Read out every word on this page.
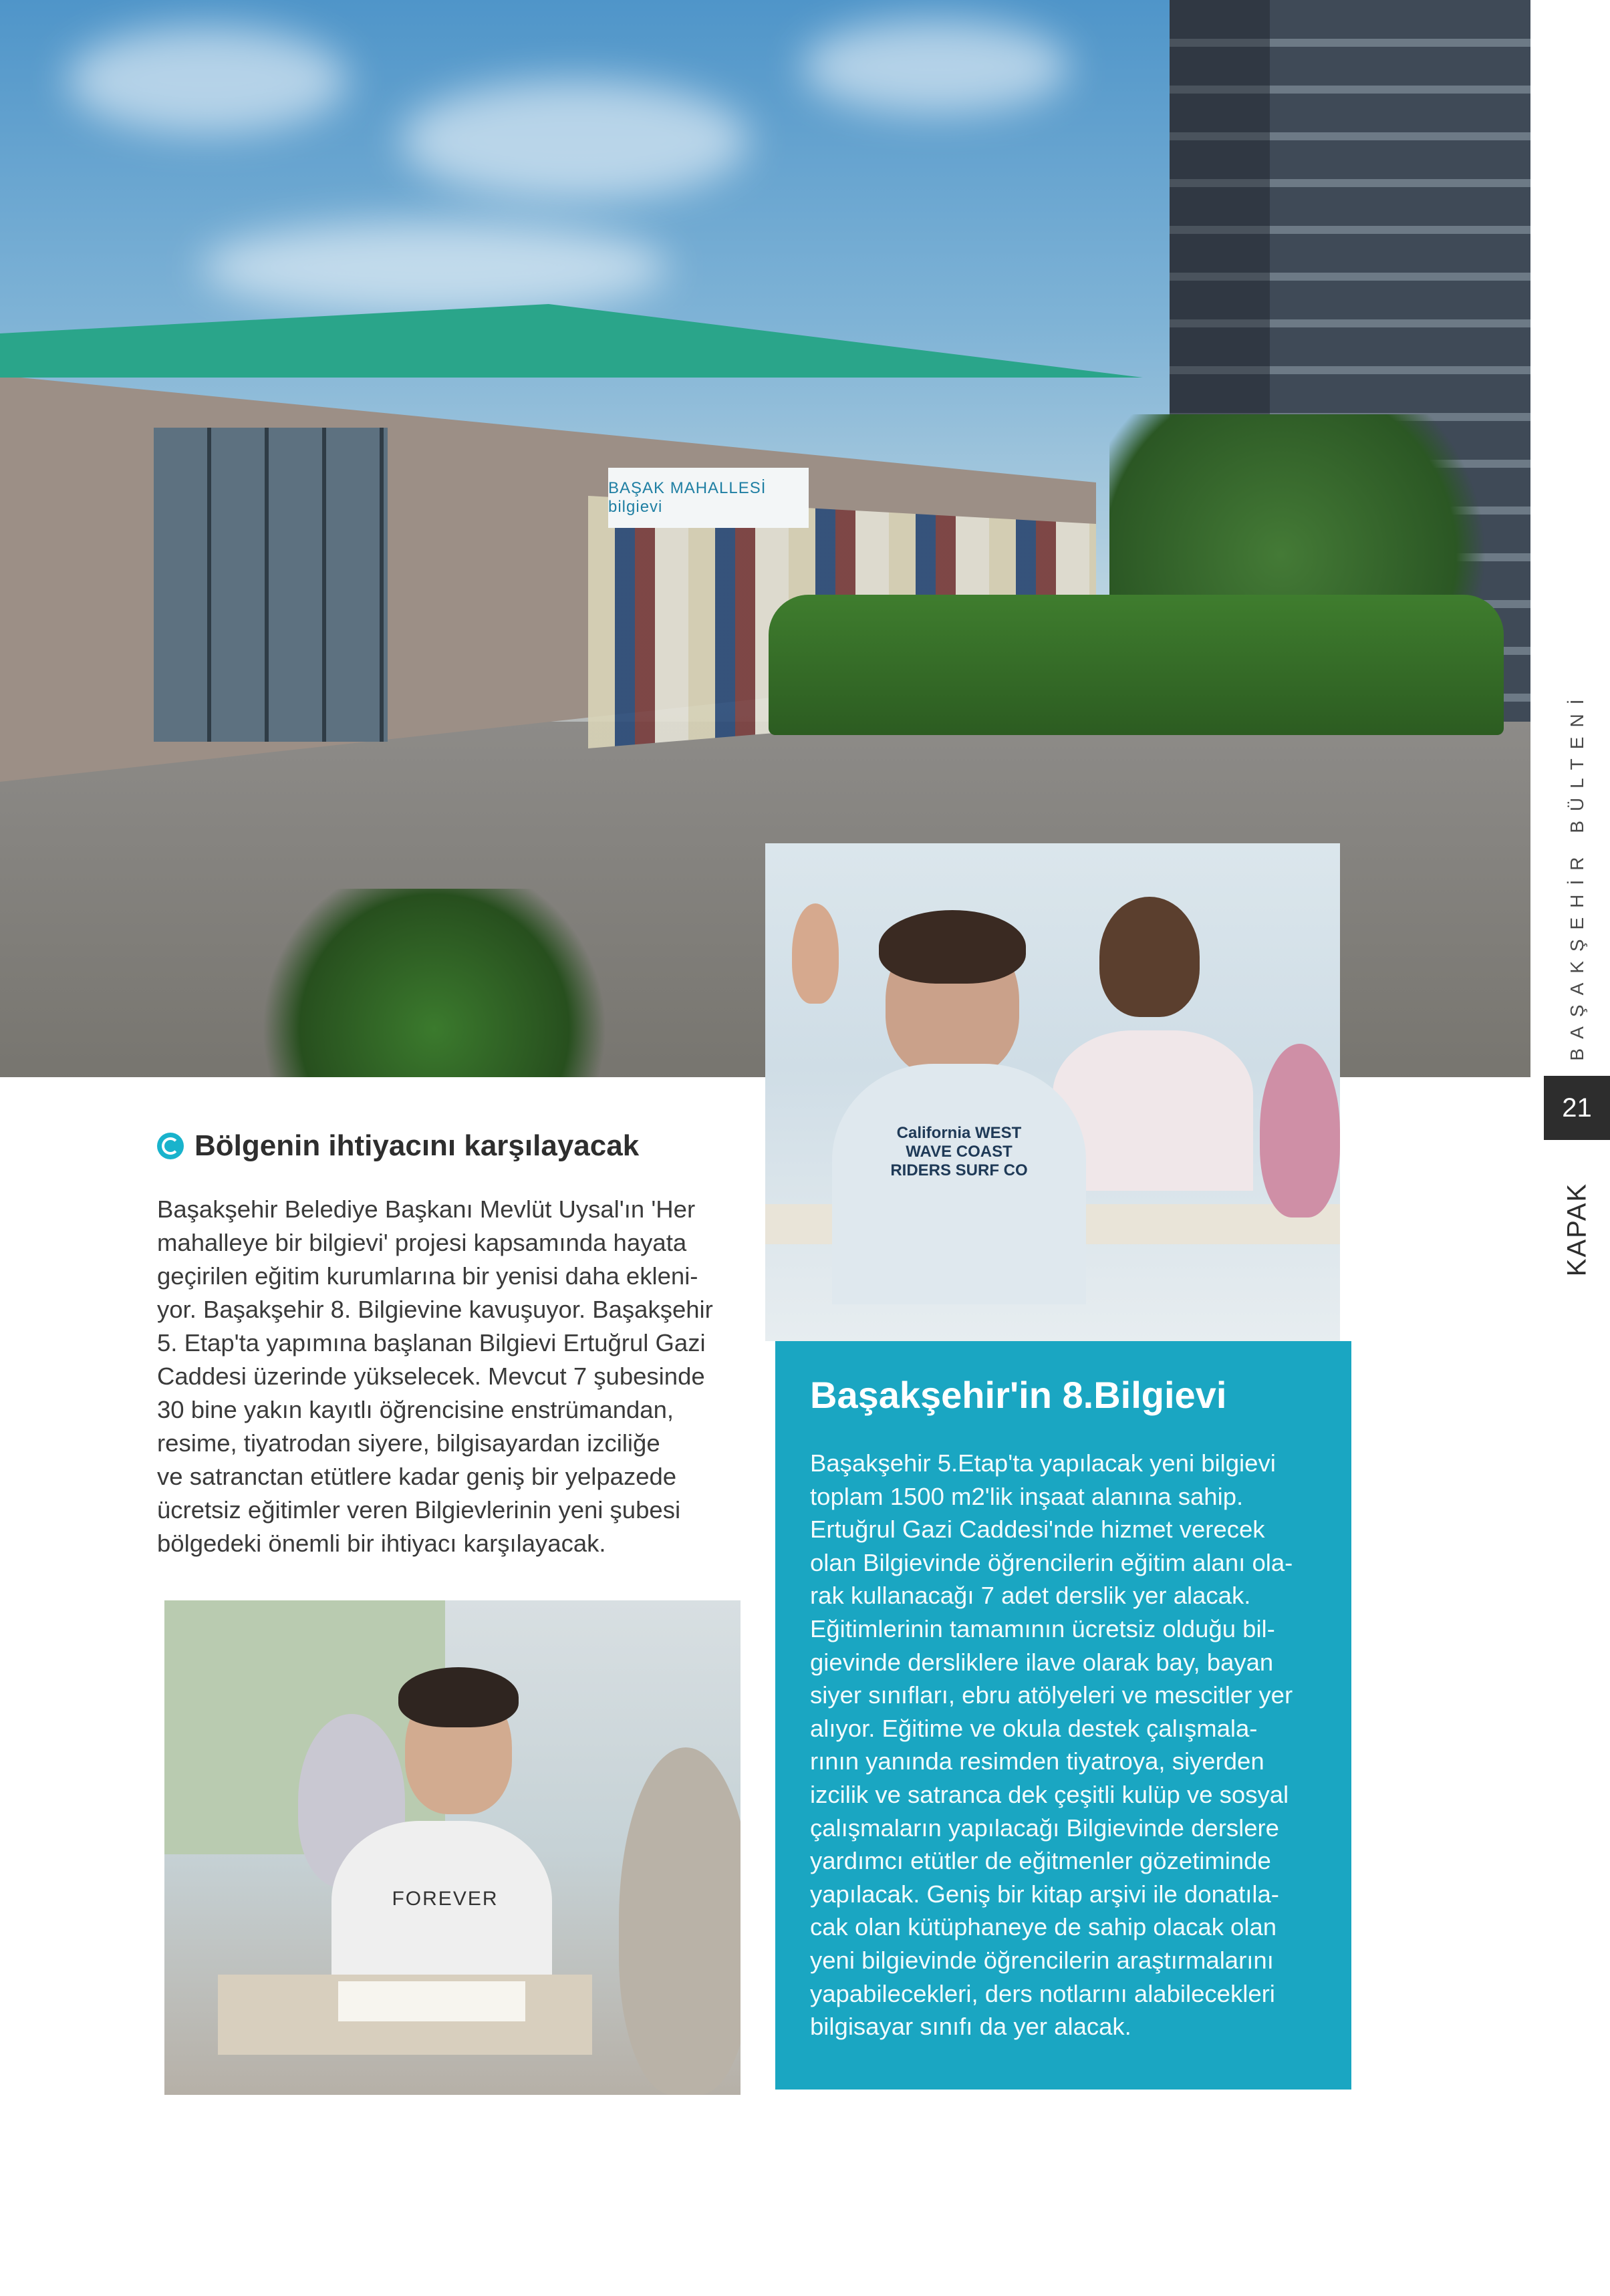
BAŞAK MAHALLESİ bilgievi
BAŞAKŞEHİR BÜLTENİ
21
KAPAK
Bölgenin ihtiyacını karşılayacak

Başakşehir Belediye Başkanı Mevlüt Uysal'ın 'Her

mahalleye bir bilgievi' projesi kapsamında hayata

geçirilen eğitim kurumlarına bir yenisi daha ekleni-

yor. Başakşehir 8. Bilgievine kavuşuyor. Başakşehir

5. Etap'ta yapımına başlanan Bilgievi Ertuğrul Gazi

Caddesi üzerinde yükselecek. Mevcut 7 şubesinde

30 bine yakın kayıtlı öğrencisine enstrümandan,

resime, tiyatrodan siyere, bilgisayardan izciliğe

ve satranctan etütlere kadar geniş bir yelpazede

ücretsiz eğitimler veren Bilgievlerinin yeni şubesi

bölgedeki önemli bir ihtiyacı karşılayacak.

California WEST WAVE COAST RIDERS SURF CO
FOREVER
Başakşehir'in 8.Bilgievi

Başakşehir 5.Etap'ta yapılacak yeni bilgievi

toplam 1500 m2'lik inşaat alanına sahip.

Ertuğrul Gazi Caddesi'nde hizmet verecek

olan Bilgievinde öğrencilerin eğitim alanı ola-

rak kullanacağı 7 adet derslik yer alacak.

Eğitimlerinin tamamının ücretsiz olduğu bil-

gievinde dersliklere ilave olarak bay, bayan

siyer sınıfları, ebru atölyeleri ve mescitler yer

alıyor. Eğitime ve okula destek çalışmala-

rının yanında resimden tiyatroya, siyerden

izcilik ve satranca dek çeşitli kulüp ve sosyal

çalışmaların yapılacağı Bilgievinde derslere

yardımcı etütler de eğitmenler gözetiminde

yapılacak. Geniş bir kitap arşivi ile donatıla-

cak olan kütüphaneye de sahip olacak olan

yeni bilgievinde öğrencilerin araştırmalarını

yapabilecekleri, ders notlarını alabilecekleri

bilgisayar sınıfı da yer alacak.
